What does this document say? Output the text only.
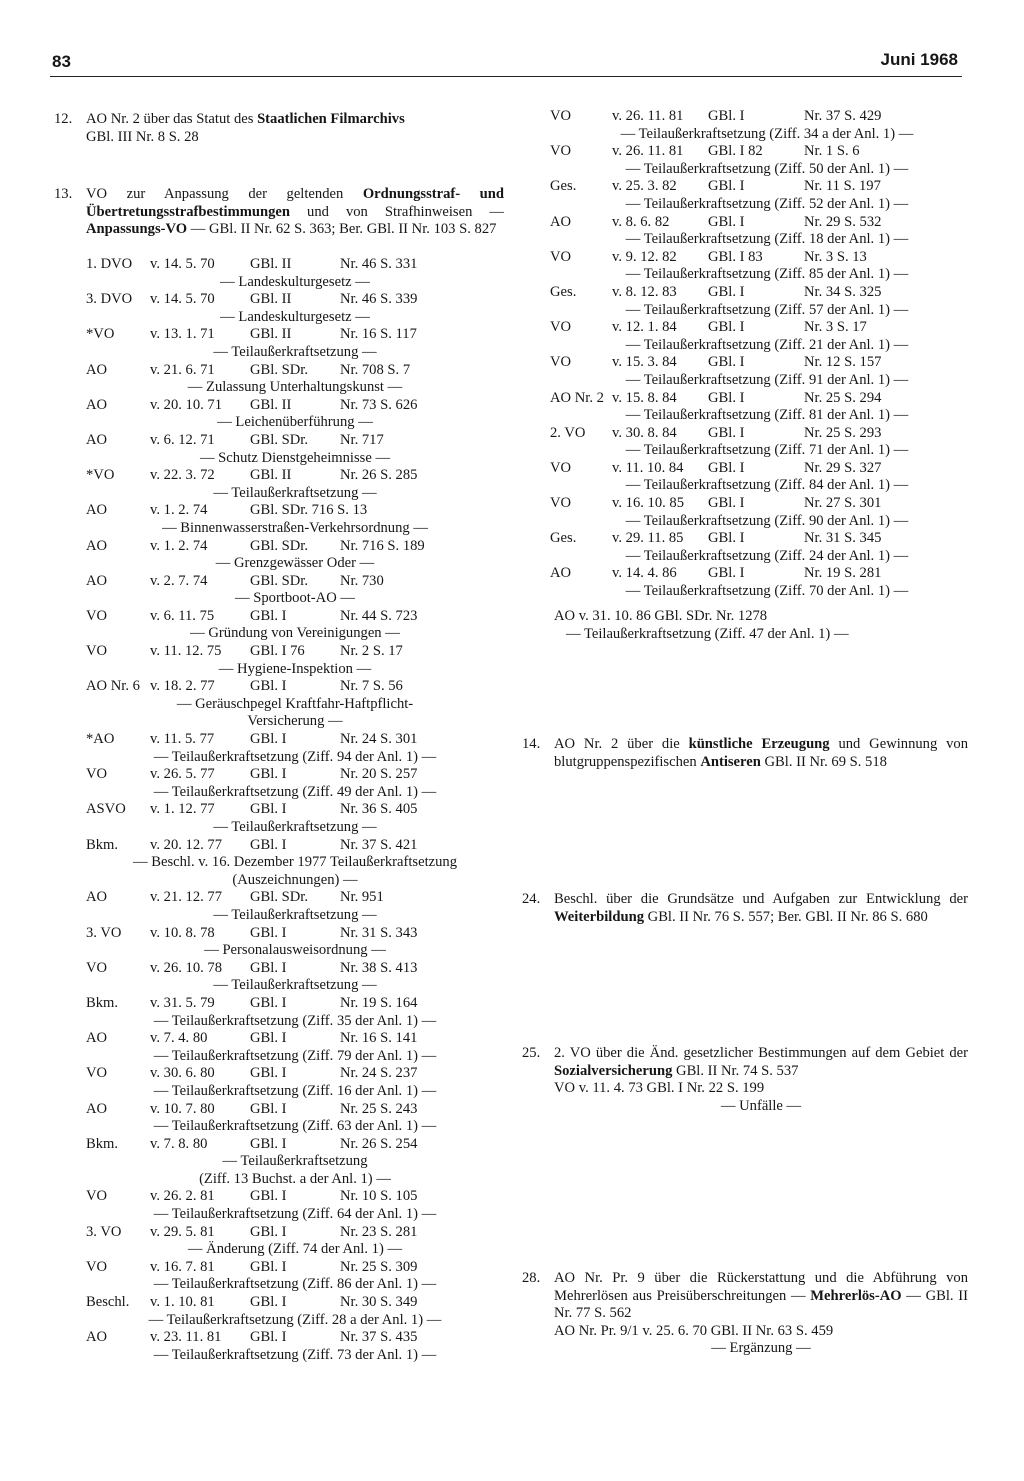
83	Juni 1968
12. AO Nr. 2 über das Statut des Staatlichen Filmarchivs
GBl. III Nr. 8 S. 28
13. VO zur Anpassung der geltenden Ordnungsstraf- und Übertretungsstrafbestimmungen und von Strafhinweisen — Anpassungs-VO — GBl. II Nr. 62 S. 363; Ber. GBl. II Nr. 103 S. 827
1. DVO v. 14. 5. 70 GBl. II	Nr. 46 S. 331
— Landeskulturgesetz —
3. DVO v. 14. 5. 70 GBl. II	Nr. 46 S. 339
— Landeskulturgesetz —
*VO v. 13. 1. 71 GBl. II	Nr. 16 S. 117
— Teilaußerkraftsetzung —
AO	v. 21. 6. 71 GBl. SDr. Nr. 708 S. 7
— Zulassung Unterhaltungskunst —
AO	v. 20. 10. 71 GBl. II	Nr. 73 S. 626
— Leichenüberführung —
AO	v. 6. 12. 71 GBl. SDr. Nr. 717
— Schutz Dienstgeheimnisse —
*VO v. 22. 3. 72 GBl. II	Nr. 26 S. 285
— Teilaußerkraftsetzung —
AO	v. 1. 2. 74	GBl. SDr. 716 S. 13
— Binnenwasserstraßen-Verkehrsordnung —
AO	v. 1. 2. 74	GBl. SDr. Nr. 716 S. 189
— Grenzgewässer Oder —
AO	v. 2. 7. 74	GBl. SDr. Nr. 730
— Sportboot-AO —
VO	v. 6. 11. 75 GBl. I	Nr. 44 S. 723
— Gründung von Vereinigungen —
VO	v. 11. 12. 75 GBl. I 76 Nr. 2 S. 17
— Hygiene-Inspektion —
AO Nr. 6 v. 18. 2. 77 GBl. I	Nr. 7 S. 56
— Geräuschpegel Kraftfahr-Haftpflicht-
Versicherung —
*AO v. 11. 5. 77 GBl. I	Nr. 24 S. 301
— Teilaußerkraftsetzung (Ziff. 94 der Anl. 1) —
VO	v. 26. 5. 77 GBl. I	Nr. 20 S. 257
— Teilaußerkraftsetzung (Ziff. 49 der Anl. 1) —
ASVO v. 1. 12. 77 GBl. I	Nr. 36 S. 405
— Teilaußerkraftsetzung —
Bkm. v. 20. 12. 77 GBl. I	Nr. 37 S. 421
— Beschl. v. 16. Dezember 1977 Teilaußerkraftsetzung
(Auszeichnungen) —
AO	v. 21. 12. 77 GBl. SDr. Nr. 951
— Teilaußerkraftsetzung —
3. VO v. 10. 8. 78 GBl. I	Nr. 31 S. 343
— Personalausweisordnung —
VO	v. 26. 10. 78 GBl. I	Nr. 38 S. 413
— Teilaußerkraftsetzung —
Bkm. v. 31. 5. 79 GBl. I	Nr. 19 S. 164
— Teilaußerkraftsetzung (Ziff. 35 der Anl. 1) —
AO	v. 7. 4. 80	GBl. I	Nr. 16 S. 141
— Teilaußerkraftsetzung (Ziff. 79 der Anl. 1) —
VO	v. 30. 6. 80 GBl. I	Nr. 24 S. 237
— Teilaußerkraftsetzung (Ziff. 16 der Anl. 1) —
AO	v. 10. 7. 80 GBl. I	Nr. 25 S. 243
— Teilaußerkraftsetzung (Ziff. 63 der Anl. 1) —
Bkm. v. 7. 8. 80	GBl. I	Nr. 26 S. 254
— Teilaußerkraftsetzung
(Ziff. 13 Buchst. a der Anl. 1) —
VO	v. 26. 2. 81 GBl. I	Nr. 10 S. 105
— Teilaußerkraftsetzung (Ziff. 64 der Anl. 1) —
3. VO v. 29. 5. 81 GBl. I	Nr. 23 S. 281
— Änderung (Ziff. 74 der Anl. 1) —
VO	v. 16. 7. 81 GBl. I	Nr. 25 S. 309
— Teilaußerkraftsetzung (Ziff. 86 der Anl. 1) —
Beschl. v. 1. 10. 81 GBl. I	Nr. 30 S. 349
— Teilaußerkraftsetzung (Ziff. 28 a der Anl. 1) —
AO	v. 23. 11. 81 GBl. I	Nr. 37 S. 435
— Teilaußerkraftsetzung (Ziff. 73 der Anl. 1) —
VO	v. 26. 11. 81 GBl. I	Nr. 37 S. 429
— Teilaußerkraftsetzung (Ziff. 34 a der Anl. 1) —
VO	v. 26. 11. 81 GBl. I 82	Nr. 1 S. 6
— Teilaußerkraftsetzung (Ziff. 50 der Anl. 1) —
Ges. v. 25. 3. 82 GBl. I	Nr. 11 S. 197
— Teilaußerkraftsetzung (Ziff. 52 der Anl. 1) —
AO	v. 8. 6. 82	GBl. I	Nr. 29 S. 532
— Teilaußerkraftsetzung (Ziff. 18 der Anl. 1) —
VO	v. 9. 12. 82 GBl. I 83	Nr. 3 S. 13
— Teilaußerkraftsetzung (Ziff. 85 der Anl. 1) —
Ges. v. 8. 12. 83 GBl. I	Nr. 34 S. 325
— Teilaußerkraftsetzung (Ziff. 57 der Anl. 1) —
VO	v. 12. 1. 84 GBl. I	Nr. 3 S. 17
— Teilaußerkraftsetzung (Ziff. 21 der Anl. 1) —
VO	v. 15. 3. 84 GBl. I	Nr. 12 S. 157
— Teilaußerkraftsetzung (Ziff. 91 der Anl. 1) —
AO Nr. 2 v. 15. 8. 84 GBl. I	Nr. 25 S. 294
— Teilaußerkraftsetzung (Ziff. 81 der Anl. 1) —
2. VO v. 30. 8. 84 GBl. I	Nr. 25 S. 293
— Teilaußerkraftsetzung (Ziff. 71 der Anl. 1) —
VO	v. 11. 10. 84 GBl. I	Nr. 29 S. 327
— Teilaußerkraftsetzung (Ziff. 84 der Anl. 1) —
VO	v. 16. 10. 85 GBl. I	Nr. 27 S. 301
— Teilaußerkraftsetzung (Ziff. 90 der Anl. 1) —
Ges. v. 29. 11. 85 GBl. I	Nr. 31 S. 345
— Teilaußerkraftsetzung (Ziff. 24 der Anl. 1) —
AO	v. 14. 4. 86 GBl. I	Nr. 19 S. 281
— Teilaußerkraftsetzung (Ziff. 70 der Anl. 1) —
AO v. 31. 10. 86 GBl. SDr. Nr. 1278
— Teilaußerkraftsetzung (Ziff. 47 der Anl. 1) —
14. AO Nr. 2 über die künstliche Erzeugung und Gewinnung von blutgruppenspezifischen Antiseren GBl. II Nr. 69 S. 518
24. Beschl. über die Grundsätze und Aufgaben zur Entwicklung der Weiterbildung GBl. II Nr. 76 S. 557; Ber. GBl. II Nr. 86 S. 680
25. 2. VO über die Änd. gesetzlicher Bestimmungen auf dem Gebiet der Sozialversicherung GBl. II Nr. 74 S. 537
VO v. 11. 4. 73 GBl. I Nr. 22 S. 199
— Unfälle —
28. AO Nr. Pr. 9 über die Rückerstattung und die Abführung von Mehrerlösen aus Preisüberschreitungen — Mehrerlös-AO — GBl. II Nr. 77 S. 562
AO Nr. Pr. 9/1 v. 25. 6. 70 GBl. II Nr. 63 S. 459
— Ergänzung —
